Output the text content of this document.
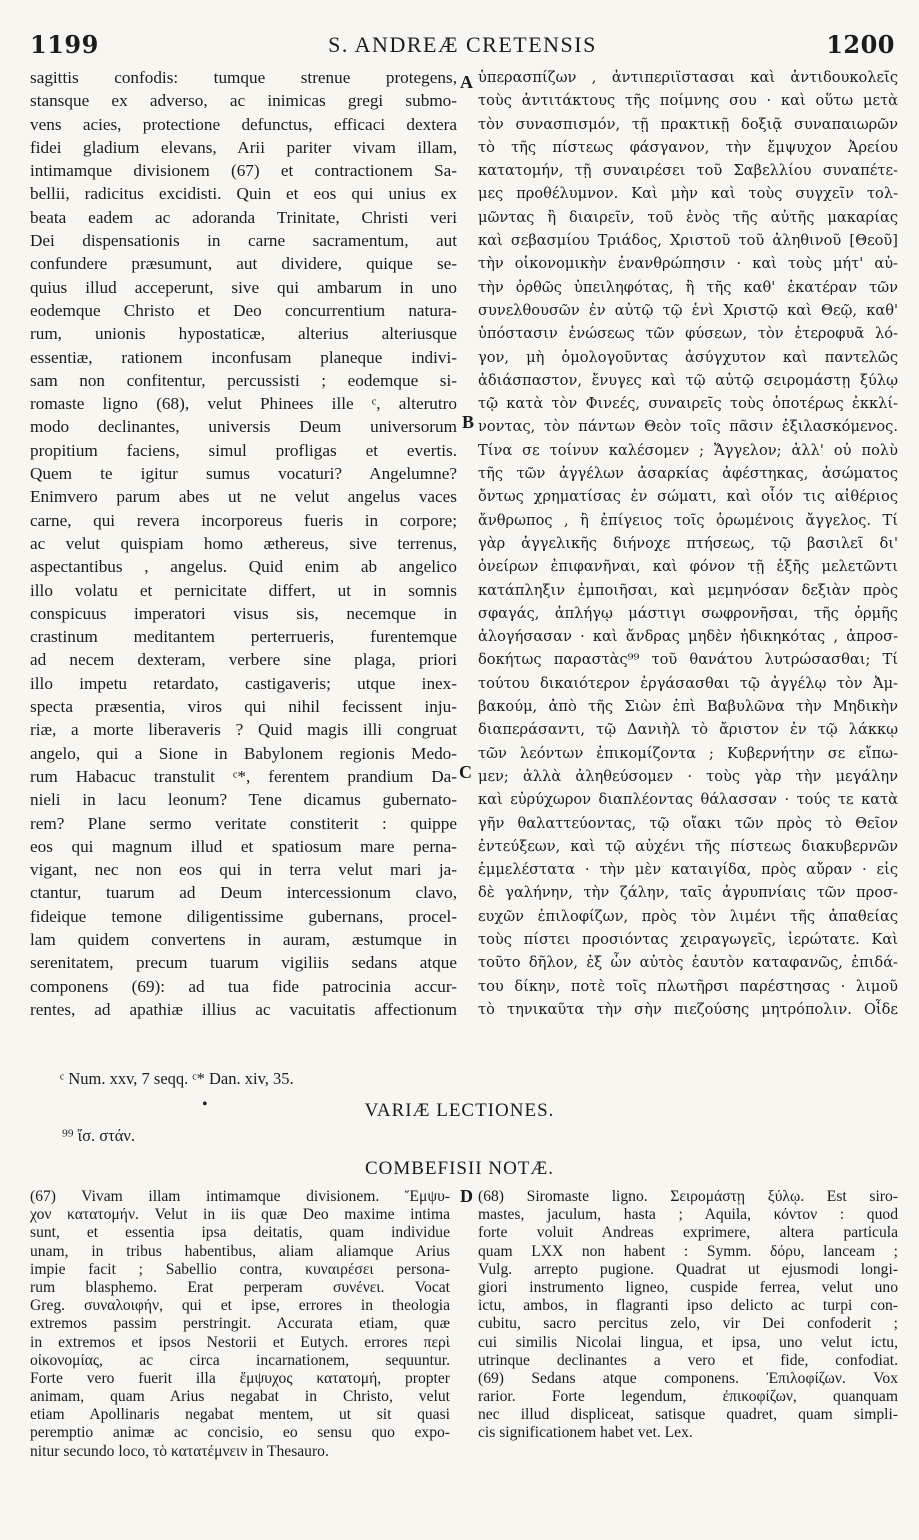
1199	S. ANDREÆ CRETENSIS	1200
sagittis confodis: tumque strenue protegens,
stansque ex adverso, ac inimicas gregi submo-
vens acies, protectione defunctus, efficaci dextera
fidei gladium elevans, Arii pariter vivam illam,
intimamque divisionem (67) et contractionem Sa-
bellii, radicitus excidisti. Quin et eos qui unius ex
beata eadem ac adoranda Trinitate, Christi veri
Dei dispensationis in carne sacramentum, aut
confundere præsumunt, aut dividere, quique se-
quius illud acceperunt, sive qui ambarum in uno
eodemque Christo et Deo concurrentium natura-
rum, unionis hypostaticæ, alterius alteriusque
essentiæ, rationem inconfusam planeque indivi-
sam non confitentur, percussisti ; eodemque si-
romaste ligno (68), velut Phinees ille ᶜ, alterutro
modo declinantes, universis Deum universorum
propitium faciens, simul profligas et evertis.
Quem te igitur sumus vocaturi? Angelumne?
Enimvero parum abes ut ne velut angelus vaces
carne, qui revera incorporeus fueris in corpore;
ac velut quispiam homo æthereus, sive terrenus,
aspectantibus , angelus. Quid enim ab angelico
illo volatu et pernicitate differt, ut in somnis
conspicuus imperatori visus sis, necemque in
crastinum meditantem perterrueris, furentemque
ad necem dexteram, verbere sine plaga, priori
illo impetu retardato, castigaveris; utque inex-
specta præsentia, viros qui nihil fecissent inju-
riæ, a morte liberaveris ? Quid magis illi congruat
angelo, qui a Sione in Babylonem regionis Medo-
rum Habacuc transtulit ᶜ*, ferentem prandium Da-
nieli in lacu leonum? Tene dicamus gubernato-
rem? Plane sermo veritate constiterit : quippe
eos qui magnum illud et spatiosum mare perna-
vigant, nec non eos qui in terra velut mari ja-
ctantur, tuarum ad Deum intercessionum clavo,
fideique temone diligentissime gubernans, procel-
lam quidem convertens in auram, æstumque in
serenitatem, precum tuarum vigiliis sedans atque
componens (69): ad tua fide patrocinia accur-
rentes, ad apathiæ illius ac vacuitatis affectionum
ὑπερασπίζων , ἀντιπεριϊστασαι καὶ ἀντιδουκολεῖς
τοὺς ἀντιτάκτους τῆς ποίμνης σου · καὶ οὕτω μετὰ
τὸν συνασπισμόν, τῇ πρακτικῇ δοξιᾷ συναπαιωρῶν
τὸ τῆς πίστεως φάσγανον, τὴν ἔμψυχον Ἀρείου
κατατομήν, τῇ συναιρέσει τοῦ Σαβελλίου συναπέτε-
μες προθέλυμνον. Καὶ μὴν καὶ τοὺς συγχεῖν τολ-
μῶντας ἢ διαιρεῖν, τοῦ ἑνὸς τῆς αὐτῆς μακαρίας
καὶ σεβασμίου Τριάδος, Χριστοῦ τοῦ ἀληθινοῦ [Θεοῦ]
τὴν οἰκονομικὴν ἐνανθρώπησιν · καὶ τοὺς μήτ' αὐ-
τὴν ὀρθῶς ὑπειληφότας, ἢ τῆς καθ' ἑκατέραν τῶν
συνελθουσῶν ἐν αὐτῷ τῷ ἑνὶ Χριστῷ καὶ Θεῷ, καθ'
ὑπόστασιν ἑνώσεως τῶν φύσεων, τὸν ἑτεροφυᾶ λό-
γον, μὴ ὁμολογοῦντας ἀσύγχυτον καὶ παντελῶς
ἀδιάσπαστον, ἔνυγες καὶ τῷ αὐτῷ σειρομάστῃ ξύλῳ
τῷ κατὰ τὸν Φινεές, συναιρεῖς τοὺς ὁποτέρως ἐκκλί-
νοντας, τὸν πάντων Θεὸν τοῖς πᾶσιν ἐξιλασκόμενος.
Τίνα σε τοίνυν καλέσομεν ; Ἄγγελον; ἀλλ' οὐ πολὺ
τῆς τῶν ἀγγέλων ἀσαρκίας ἀφέστηκας, ἀσώματος
ὄντως χρηματίσας ἐν σώματι, καὶ οἷόν τις αἰθέριος
ἄνθρωπος , ἢ ἐπίγειος τοῖς ὁρωμένοις ἄγγελος. Τί
γὰρ ἀγγελικῆς διήνοχε πτήσεως, τῷ βασιλεῖ δι'
ὀνείρων ἐπιφανῆναι, καὶ φόνον τῇ ἑξῆς μελετῶντι
κατάπληξιν ἐμποιῆσαι, καὶ μεμηνόσαν δεξιὰν πρὸς
σφαγάς, ἀπλήγῳ μάστιγι σωφρονῆσαι, τῆς ὁρμῆς
ἀλογήσασαν · καὶ ἄνδρας μηδὲν ἠδικηκότας , ἀπροσ-
δοκήτως παραστὰς⁹⁹ τοῦ θανάτου λυτρώσασθαι; Τί
τούτου δικαιότερον ἐργάσασθαι τῷ ἀγγέλῳ τὸν Ἀμ-
βακούμ, ἀπὸ τῆς Σιὼν ἐπὶ Βαβυλῶνα τὴν Μηδικὴν
διαπεράσαντι, τῷ Δανιὴλ τὸ ἄριστον ἐν τῷ λάκκῳ
τῶν λεόντων ἐπικομίζοντα ; Κυβερνήτην σε εἴπω-
μεν; ἀλλὰ ἀληθεύσομεν · τοὺς γὰρ τὴν μεγάλην
καὶ εὐρύχωρον διαπλέοντας θάλασσαν · τούς τε κατὰ
γῆν θαλαττεύοντας, τῷ οἴακι τῶν πρὸς τὸ Θεῖον
ἐντεύξεων, καὶ τῷ αὐχένι τῆς πίστεως διακυβερνῶν
ἐμμελέστατα · τὴν μὲν καταιγίδα, πρὸς αὔραν · εἰς
δὲ γαλήνην, τὴν ζάλην, ταῖς ἀγρυπνίαις τῶν προσ-
ευχῶν ἐπιλοφίζων, πρὸς τὸν λιμένι τῆς ἀπαθείας
τοὺς πίστει προσιόντας χειραγωγεῖς, ἱερώτατε. Καὶ
τοῦτο δῆλον, ἐξ ὧν αὐτὸς ἑαυτὸν καταφανῶς, ἐπιδά-
του δίκην, ποτὲ τοῖς πλωτῆρσι παρέστησας · λιμοῦ
τὸ τηνικαῦτα τὴν σὴν πιεζούσης μητρόπολιν. Οἶδε
A
B
C
D
ᶜ Num. xxv, 7 seqq. ᶜ* Dan. xiv, 35.
•	VARIÆ LECTIONES.
⁹⁹ ἴσ. στάν.
COMBEFISII NOTÆ.
(67) Vivam illam intimamque divisionem. Ἔμψυ-
χον κατατομήν. Velut in iis quæ Deo maxime intima
sunt, et essentia ipsa deitatis, quam individue
unam, in tribus habentibus, aliam aliamque Arius
impie facit ; Sabellio contra, κυναιρέσει persona-
rum blasphemo. Erat perperam συνένει. Vocat
Greg. συναλοιφήν, qui et ipse, errores in theologia
extremos passim perstringit. Accurata etiam, quæ
in extremos et ipsos Nestorii et Eutych. errores περὶ
οἰκονομίας, ac circa incarnationem, sequuntur.
Forte vero fuerit illa ἔμψυχος κατατομή, propter
animam, quam Arius negabat in Christo, velut
etiam Apollinaris negabat mentem, ut sit quasi
peremptio animæ ac concisio, eo sensu quo expo-
nitur secundo loco, τὸ κατατέμνειν in Thesauro.
(68) Siromaste ligno. Σειρομάστῃ ξύλῳ. Est siro-
mastes, jaculum, hasta ; Aquila, κόντον : quod
forte voluit Andreas exprimere, altera particula
quam LXX non habent : Symm. δόρυ, lanceam ;
Vulg. arrepto pugione. Quadrat ut ejusmodi longi-
giori instrumento ligneo, cuspide ferrea, velut uno
ictu, ambos, in flagranti ipso delicto ac turpi con-
cubitu, sacro percitus zelo, vir Dei confoderit ;
cui similis Nicolai lingua, et ipsa, uno velut ictu,
utrinque declinantes a vero et fide, confodiat.
(69) Sedans atque componens. Ἐπιλοφίζων. Vox
rarior. Forte legendum, ἐπικοφίζων, quanquam
nec illud displiceat, satisque quadret, quam simpli-
cis significationem habet vet. Lex.
